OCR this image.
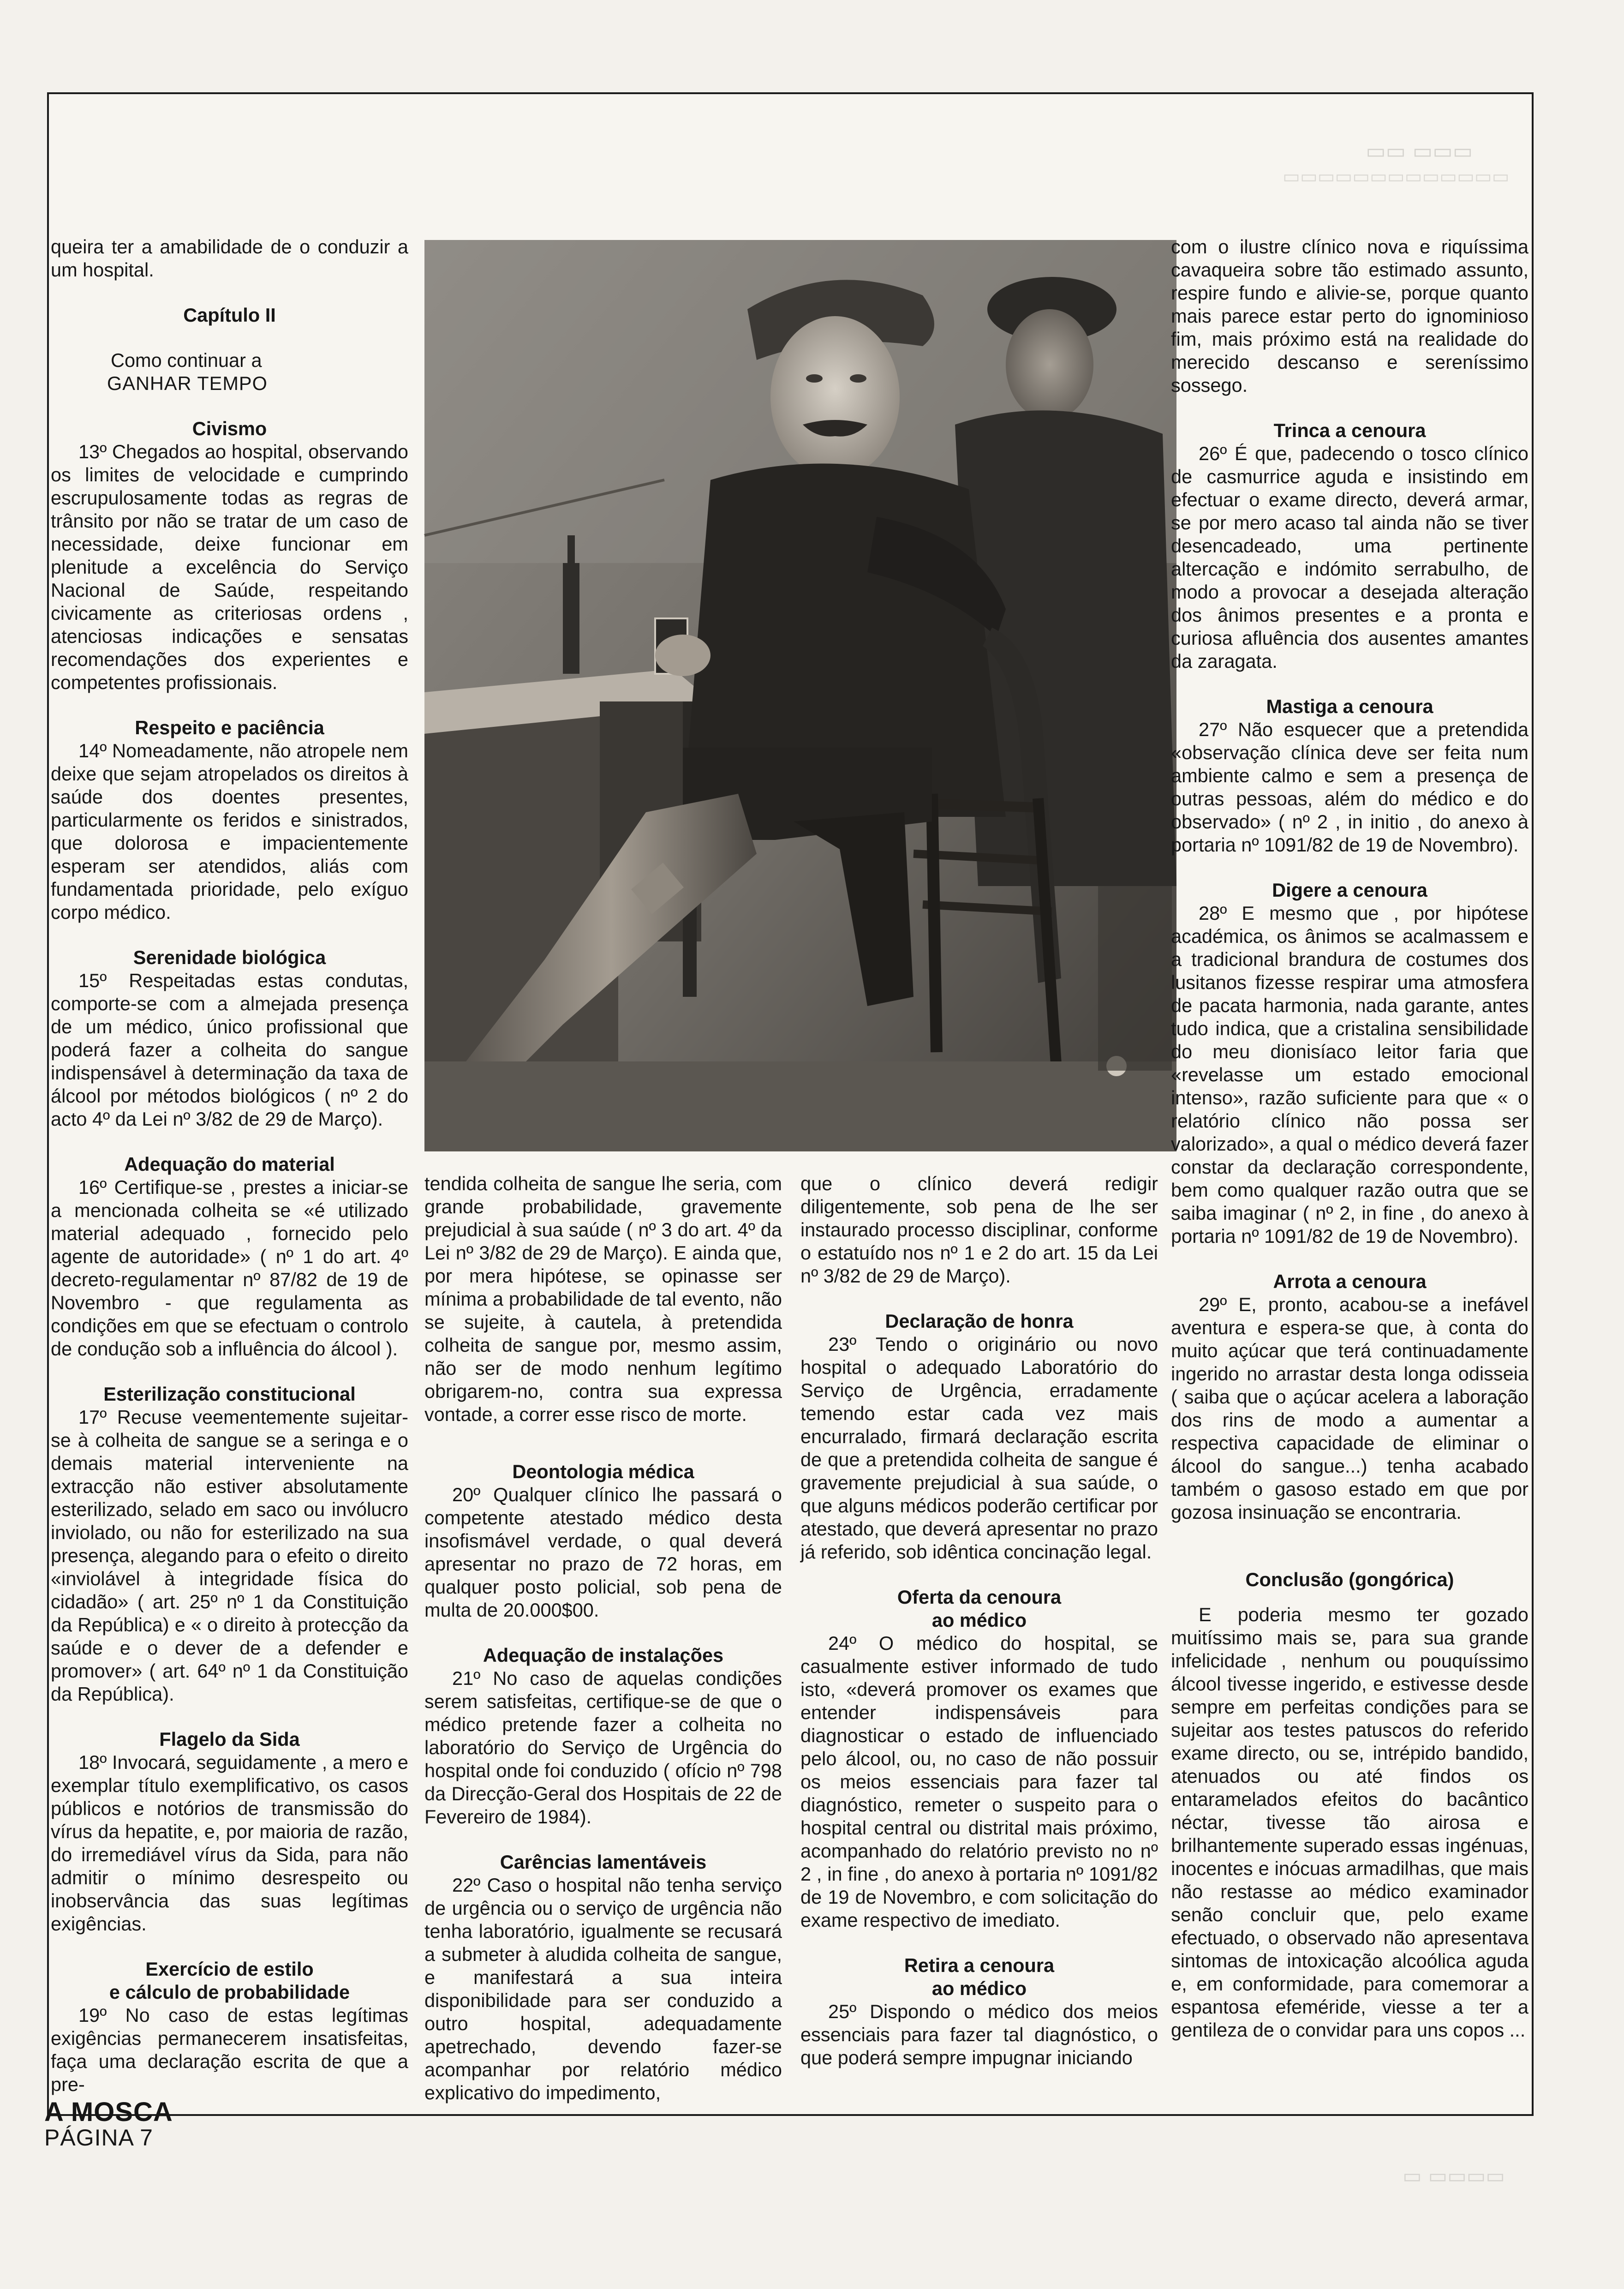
▭▭▭ ▭▭
▭▭▭▭▭▭▭▭▭▭▭▭▭

queira ter a amabilidade de o conduzir a um hospital.

Capítulo II

Como continuar a

GANHAR TEMPO

Civismo

13º Chegados ao hospital, observando os limites de velocidade e cumprindo escrupulosamente todas as regras de trânsito por não se tratar de um caso de necessidade, deixe funcionar em plenitude a excelência do Serviço Nacional de Saúde, respeitando civicamente as criteriosas ordens , atenciosas indicações e sensatas recomendações dos experientes e competentes profissionais.

Respeito e paciência

14º Nomeadamente, não atropele nem deixe que sejam atropelados os direitos à saúde dos doentes presentes, particularmente os feridos e sinistrados, que dolorosa e impacientemente esperam ser atendidos, aliás com fundamentada prioridade, pelo exíguo corpo médico.

Serenidade biológica

15º Respeitadas estas condutas, comporte-se com a almejada presença de um médico, único profissional que poderá fazer a colheita do sangue indispensável à determinação da taxa de álcool por métodos biológicos ( nº 2 do acto 4º da Lei nº 3/82 de 29 de Março).

Adequação do material

16º Certifique-se , prestes a iniciar-se a mencionada colheita se «é utilizado material adequado , fornecido pelo agente de autoridade» ( nº 1 do art. 4º decreto-regulamentar nº 87/82 de 19 de Novembro - que regulamenta as condições em que se efectuam o controlo de condução sob a influência do álcool ).

Esterilização constitucional

17º Recuse veementemente sujeitar-se à colheita de sangue se a seringa e o demais material interveniente na extracção não estiver absolutamente esterilizado, selado em saco ou invólucro inviolado, ou não for esterilizado na sua presença, alegando para o efeito o direito «inviolável à integridade física do cidadão» ( art. 25º nº 1 da Constituição da República) e « o direito à protecção da saúde e o dever de a defender e promover» ( art. 64º nº 1 da Constituição da República).

Flagelo da Sida

18º Invocará, seguidamente , a mero e exemplar título exemplificativo, os casos públicos e notórios de transmissão do vírus da hepatite, e, por maioria de razão, do irremediável vírus da Sida, para não admitir o mínimo desrespeito ou inobservância das suas legítimas exigências.

Exercício de estilo

e cálculo de probabilidade

19º No caso de estas legítimas exigências permanecerem insatisfeitas, faça uma declaração escrita de que a pre-

tendida colheita de sangue lhe seria, com grande probabilidade, gravemente prejudicial à sua saúde ( nº 3 do art. 4º da Lei nº 3/82 de 29 de Março). E ainda que, por mera hipótese, se opinasse ser mínima a probabilidade de tal evento, não se sujeite, à cautela, à pretendida colheita de sangue por, mesmo assim, não ser de modo nenhum legítimo obrigarem-no, contra sua expressa vontade, a correr esse risco de morte.

Deontologia médica

20º Qualquer clínico lhe passará o competente atestado médico desta insofismável verdade, o qual deverá apresentar no prazo de 72 horas, em qualquer posto policial, sob pena de multa de 20.000$00.

Adequação de instalações

21º No caso de aquelas condições serem satisfeitas, certifique-se de que o médico pretende fazer a colheita no laboratório do Serviço de Urgência do hospital onde foi conduzido ( ofício nº 798 da Direcção-Geral dos Hospitais de 22 de Fevereiro de 1984).

Carências lamentáveis

22º Caso o hospital não tenha serviço de urgência ou o serviço de urgência não tenha laboratório, igualmente se recusará a submeter à aludida colheita de sangue, e manifestará a sua inteira disponibilidade para ser conduzido a outro hospital, adequadamente apetrechado, devendo fazer-se acompanhar por relatório médico explicativo do impedimento,

que o clínico deverá redigir diligentemente, sob pena de lhe ser instaurado processo disciplinar, conforme o estatuído nos nº 1 e 2 do art. 15 da Lei nº 3/82 de 29 de Março).

Declaração de honra

23º Tendo o originário ou novo hospital o adequado Laboratório do Serviço de Urgência, erradamente temendo estar cada vez mais encurralado, firmará declaração escrita de que a pretendida colheita de sangue é gravemente prejudicial à sua saúde, o que alguns médicos poderão certificar por atestado, que deverá apresentar no prazo já referido, sob idêntica concinação legal.

Oferta da cenoura

ao médico

24º O médico do hospital, se casualmente estiver informado de tudo isto, «deverá promover os exames que entender indispensáveis para diagnosticar o estado de influenciado pelo álcool, ou, no caso de não possuir os meios essenciais para fazer tal diagnóstico, remeter o suspeito para o hospital central ou distrital mais próximo, acompanhado do relatório previsto no nº 2 , in fine , do anexo à portaria nº 1091/82 de 19 de Novembro, e com solicitação do exame respectivo de imediato.

Retira a cenoura

ao médico

25º Dispondo o médico dos meios essenciais para fazer tal diagnóstico, o que poderá sempre impugnar iniciando

com o ilustre clínico nova e riquíssima cavaqueira sobre tão estimado assunto, respire fundo e alivie-se, porque quanto mais parece estar perto do ignominioso fim, mais próximo está na realidade do merecido descanso e sereníssimo sossego.

Trinca a cenoura

26º É que, padecendo o tosco clínico de casmurrice aguda e insistindo em efectuar o exame directo, deverá armar, se por mero acaso tal ainda não se tiver desencadeado, uma pertinente altercação e indómito serrabulho, de modo a provocar a desejada alteração dos ânimos presentes e a pronta e curiosa afluência dos ausentes amantes da zaragata.

Mastiga a cenoura

27º Não esquecer que a pretendida «observação clínica deve ser feita num ambiente calmo e sem a presença de outras pessoas, além do médico e do observado» ( nº 2 , in initio , do anexo à portaria nº 1091/82 de 19 de Novembro).

Digere a cenoura

28º E mesmo que , por hipótese académica, os ânimos se acalmassem e a tradicional brandura de costumes dos lusitanos fizesse respirar uma atmosfera de pacata harmonia, nada garante, antes tudo indica, que a cristalina sensibilidade do meu dionisíaco leitor faria que «revelasse um estado emocional intenso», razão suficiente para que « o relatório clínico não possa ser valorizado», a qual o médico deverá fazer constar da declaração correspondente, bem como qualquer razão outra que se saiba imaginar ( nº 2, in fine , do anexo à portaria nº 1091/82 de 19 de Novembro).

Arrota a cenoura

29º E, pronto, acabou-se a inefável aventura e espera-se que, à conta do muito açúcar que terá continuadamente ingerido no arrastar desta longa odisseia ( saiba que o açúcar acelera a laboração dos rins de modo a aumentar a respectiva capacidade de eliminar o álcool do sangue...) tenha acabado também o gasoso estado em que por gozosa insinuação se encontraria.

Conclusão (gongórica)

E poderia mesmo ter gozado muitíssimo mais se, para sua grande infelicidade , nenhum ou pouquíssimo álcool tivesse ingerido, e estivesse desde sempre em perfeitas condições para se sujeitar aos testes patuscos do referido exame directo, ou se, intrépido bandido, atenuados ou até findos os entaramelados efeitos do bacântico néctar, tivesse tão airosa e brilhantemente superado essas ingénuas, inocentes e inócuas armadilhas, que mais não restasse ao médico examinador senão concluir que, pelo exame efectuado, o observado não apresentava sintomas de intoxicação alcoólica aguda e, em conformidade, para comemorar a espantosa efeméride, viesse a ter a gentileza de o convidar para uns copos ...

A MOSCA

PÁGINA 7

▭▭▭▭ ▭
